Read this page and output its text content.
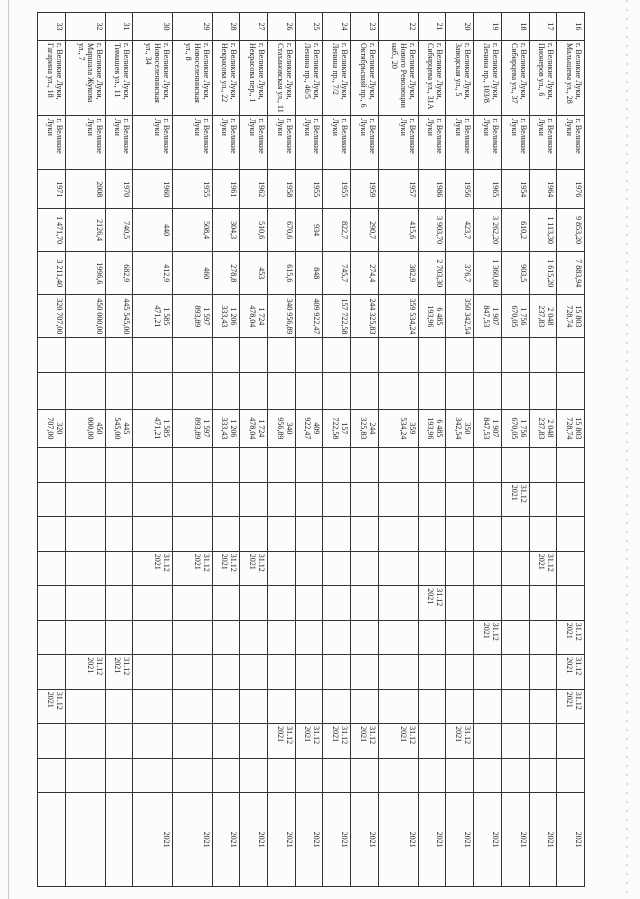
16	г. Великие Луки, Малышева ул., 28	г. Великие Луки	1976	9 853,20	7 883,94	15 803 728,74			15 803 728,74						31.12 2021	31.12 2021	31.12 2021			2021
17	г. Великие Луки, Пионеров ул., 6	г. Великие Луки	1964	1 113,30	1 615,20	2 048 237,83			2 048 237,83				31.12 2021							2021
18	г. Великие Луки, Сибирцева ул., 37	г. Великие Луки	1954	610,2	903,5	1 756 670,05			1 756 670,05		31.12 2021									2021
19	г. Великие Луки, Ленина пр., 103/8	г. Великие Луки	1965	3 262,20	1 360,60	1 907 847,53			1 907 847,53						31.12 2021					2021
20	г. Великие Луки, Заводская ул., 5	г. Великие Луки	1956	423,7	376,7	350 342,54			350 342,54									31.12 2021		2021
21	г. Великие Луки, Сибирцева ул., 31А	г. Великие Луки	1986	3 903,70	2 703,30	6 485 193,96			6 485 193,96					31.12 2021						2021
22	г. Великие Луки, Нового Революции наб., 20	г. Великие Луки	1957	415,6	382,9	359 534,24			359 534,24									31.12 2021		2021
23	г. Великие Луки, Октябрьский пр., 6	г. Великие Луки	1959	290,7	274,4	244 325,83			244 325,83									31.12 2021		2021
24	г. Великие Луки, Ленина пр., 7/2	г. Великие Луки	1955	822,7	745,7	157 722,58			157 722,58									31.12 2021		2021
25	г. Великие Луки, Ленина пр., 46/5	г. Великие Луки	1955	934	848	409 922,47			409 922,47									31.12 2021		2021
26	г. Великие Луки, Стахановская ул., 11	г. Великие Луки	1958	670,6	615,6	340 956,89			340 956,89									31.12 2021		2021
27	г. Великие Луки, Некрасова пер., 1	г. Великие Луки	1962	510,6	453	1 724 478,04			1 724 478,04				31.12 2021							2021
28	г. Великие Луки, Некрасова ул., 22	г. Великие Луки	1961	304,3	278,8	1 206 333,43			1 206 333,43				31.12 2021							2021
29	г. Великие Луки, Новоселенинская ул., 8	г. Великие Луки	1955	508,4	460	1 597 893,89			1 597 893,89				31.12 2021							2021
30	г. Великие Луки, Новоселенинская ул., 34	г. Великие Луки	1960	440	412,9	1 585 471,21			1 585 471,21				31.12 2021							2021
31	г. Великие Луки, Тимашев ул., 11	г. Великие Луки	1970	740,5	682,9	445 545,00			445 545,00							31.12 2021				
32	г. Великие Луки, Маршала Жукова ул., 7	г. Великие Луки	2008	2126,4	1996,6	450 000,00			450 000,00							31.12 2021				
33	г. Великие Луки, Гагарина ул., 18	г. Великие Луки	1971	1 471,70	3 211,40	320 707,00			320 707,00								31.12 2021			
